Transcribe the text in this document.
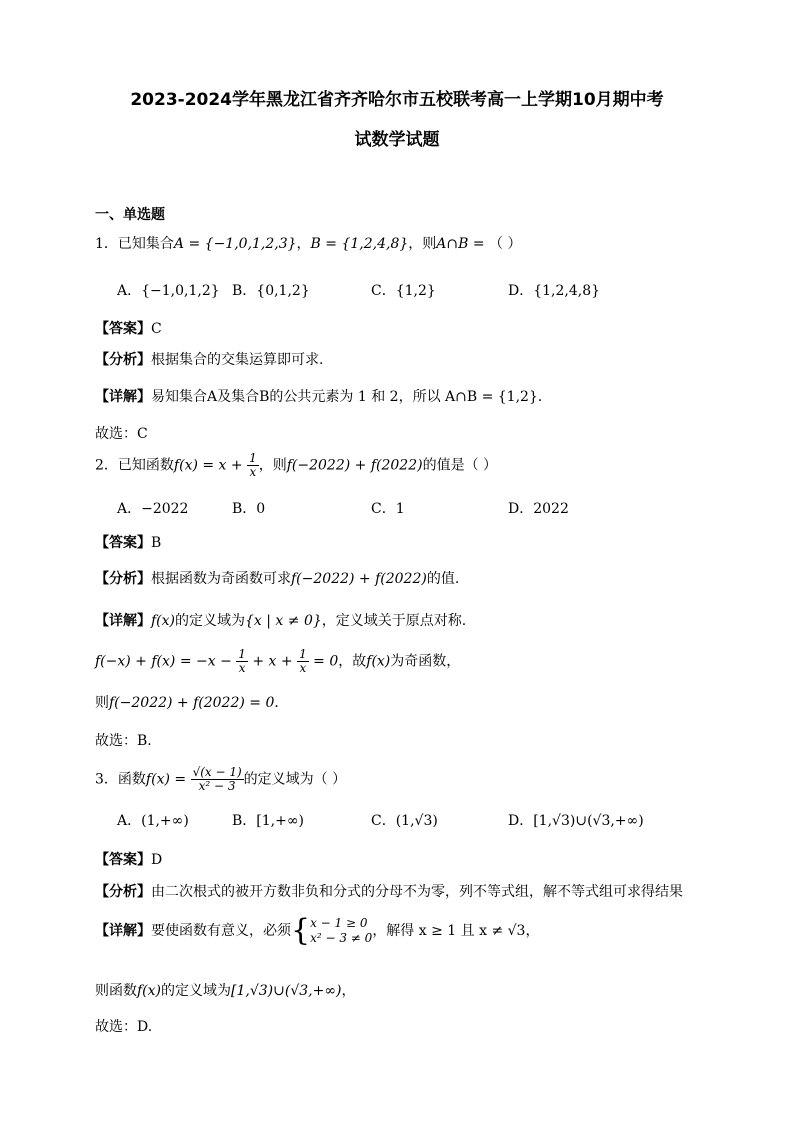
2023-2024学年黑龙江省齐齐哈尔市五校联考高一上学期10月期中考
试数学试题
一、单选题
1．已知集合A = {−1,0,1,2,3}，B = {1,2,4,8}，则A∩B = （ ）
A．{−1,0,1,2} B．{0,1,2}	C．{1,2}	D．{1,2,4,8}
【答案】C
【分析】根据集合的交集运算即可求.
【详解】易知集合A及集合B的公共元素为 1 和 2，所以 A∩B = {1,2}．
故选：C
2．已知函数$f(x) = x + \frac{1}{x}$ ，则f(−2022) + f(2022)的值是（ ）
A．−2022	B．0	C．1	D．2022
【答案】B
【分析】根据函数为奇函数可求f(−2022) + f(2022)的值.
【详解】f(x)的定义域为{x | x ≠ 0}，定义域关于原点对称.
$f(-x) + f(x) = -x - \frac{1}{x} + x + \frac{1}{x} = 0$，故f(x)为奇函数，
则f(−2022) + f(2022) = 0．
故选：B.
3．函数$f(x) = \frac{√(x - 1)}{\text{x² − 3}}$ 的定义域为（ ）
A．(1,+∞)	B．[1,+∞)	C．(1,√3)	D．[1,√3)∪(√3,+∞)
【答案】D
【分析】由二次根式的被开方数非负和分式的分母不为零，列不等式组，解不等式组可求得结果
【详解】要使函数有意义，必须{ x − 1 ≥ 0
x² − 3 ≠ 0 ，解得 x ≥ 1 且 x ≠ √3，
则函数f(x)的定义域为[1,√3)∪(√3,+∞)，
故选：D.
